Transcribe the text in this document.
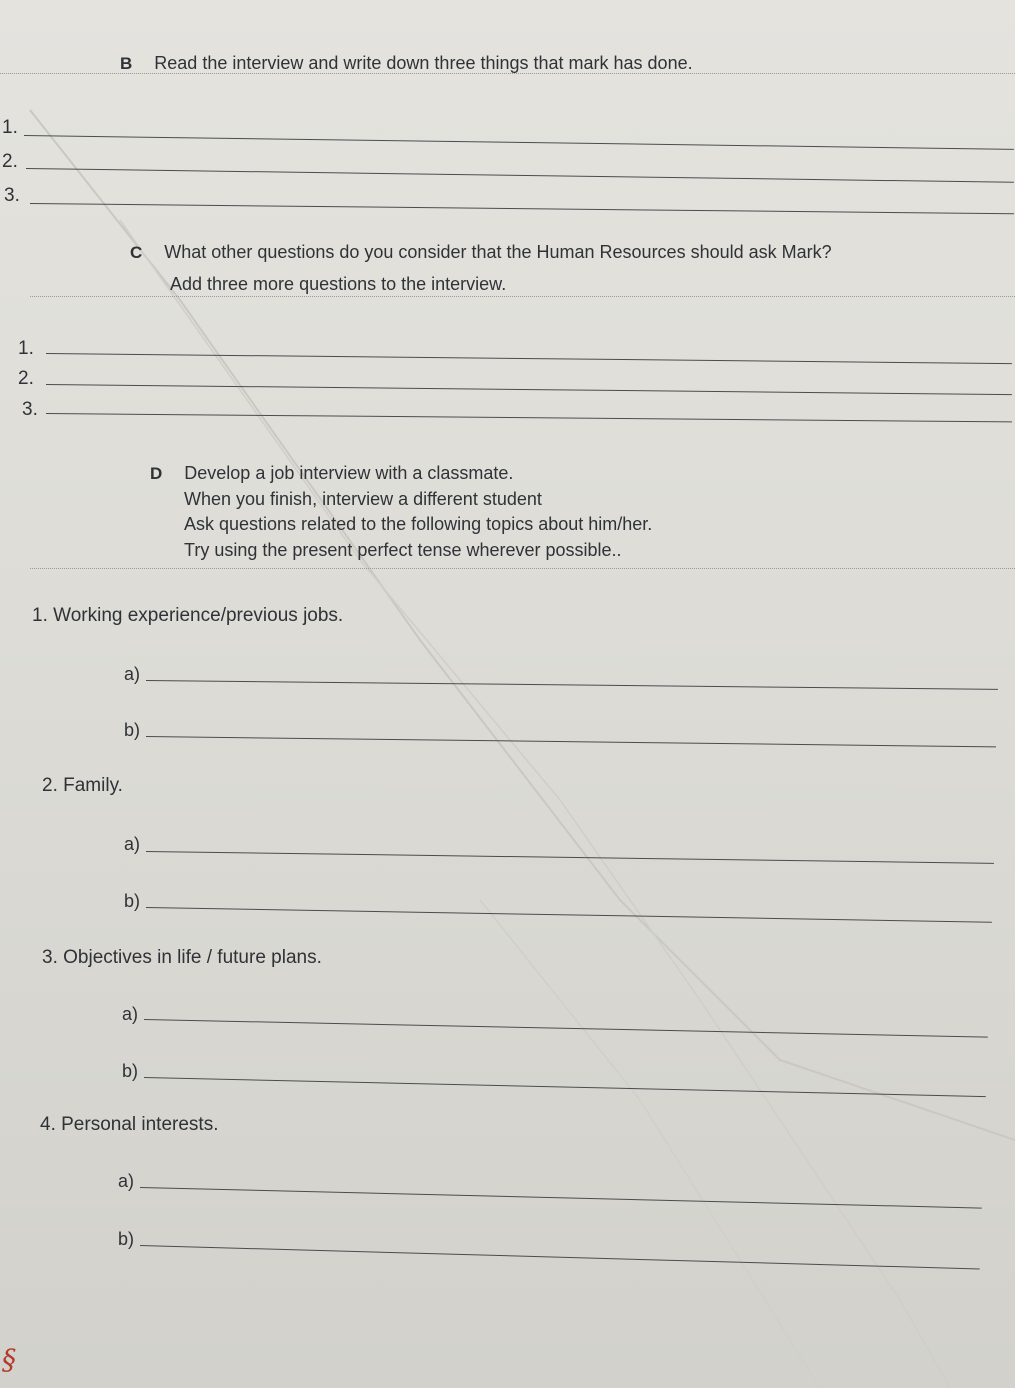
B Read the interview and write down three things that mark has done.
1.
2.
3.
C What other questions do you consider that the Human Resources should ask Mark?
Add three more questions to the interview.
1.
2.
3.
D Develop a job interview with a classmate.
When you finish, interview a different student
Ask questions related to the following topics about him/her.
Try using the present perfect tense wherever possible..
1. Working experience/previous jobs.
a)
b)
2. Family.
a)
b)
3. Objectives in life / future plans.
a)
b)
4. Personal interests.
a)
b)
§
